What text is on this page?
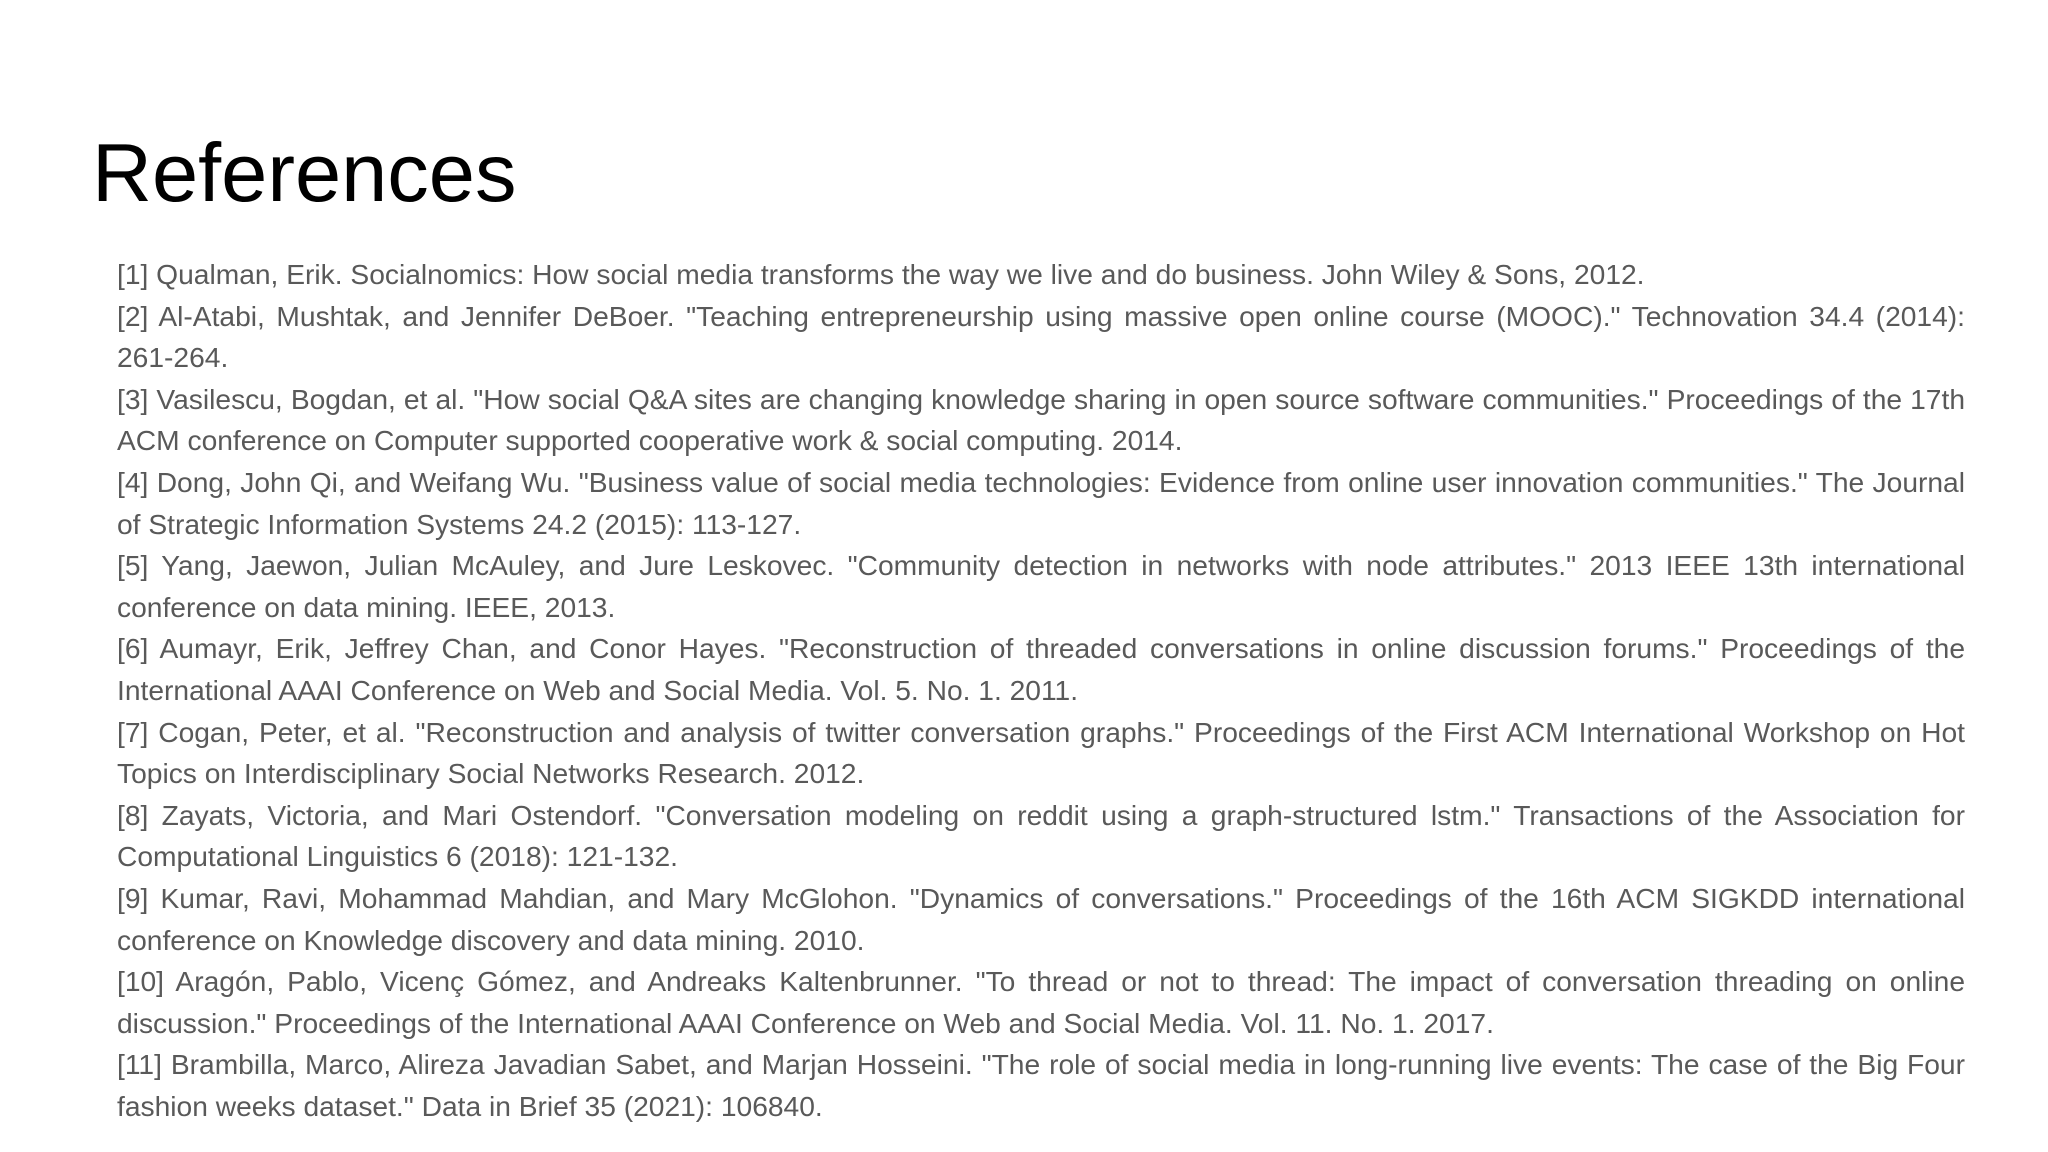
References
[1] Qualman, Erik. Socialnomics: How social media transforms the way we live and do business. John Wiley & Sons, 2012.
[2] Al-Atabi, Mushtak, and Jennifer DeBoer. "Teaching entrepreneurship using massive open online course (MOOC)." Technovation 34.4 (2014): 261-264.
[3] Vasilescu, Bogdan, et al. "How social Q&A sites are changing knowledge sharing in open source software communities." Proceedings of the 17th ACM conference on Computer supported cooperative work & social computing. 2014.
[4] Dong, John Qi, and Weifang Wu. "Business value of social media technologies: Evidence from online user innovation communities." The Journal of Strategic Information Systems 24.2 (2015): 113-127.
[5] Yang, Jaewon, Julian McAuley, and Jure Leskovec. "Community detection in networks with node attributes." 2013 IEEE 13th international conference on data mining. IEEE, 2013.
[6] Aumayr, Erik, Jeffrey Chan, and Conor Hayes. "Reconstruction of threaded conversations in online discussion forums." Proceedings of the International AAAI Conference on Web and Social Media. Vol. 5. No. 1. 2011.
[7] Cogan, Peter, et al. "Reconstruction and analysis of twitter conversation graphs." Proceedings of the First ACM International Workshop on Hot Topics on Interdisciplinary Social Networks Research. 2012.
[8] Zayats, Victoria, and Mari Ostendorf. "Conversation modeling on reddit using a graph-structured lstm." Transactions of the Association for Computational Linguistics 6 (2018): 121-132.
[9] Kumar, Ravi, Mohammad Mahdian, and Mary McGlohon. "Dynamics of conversations." Proceedings of the 16th ACM SIGKDD international conference on Knowledge discovery and data mining. 2010.
[10] Aragón, Pablo, Vicenç Gómez, and Andreaks Kaltenbrunner. "To thread or not to thread: The impact of conversation threading on online discussion." Proceedings of the International AAAI Conference on Web and Social Media. Vol. 11. No. 1. 2017.
[11] Brambilla, Marco, Alireza Javadian Sabet, and Marjan Hosseini. "The role of social media in long-running live events: The case of the Big Four fashion weeks dataset." Data in Brief 35 (2021): 106840.
